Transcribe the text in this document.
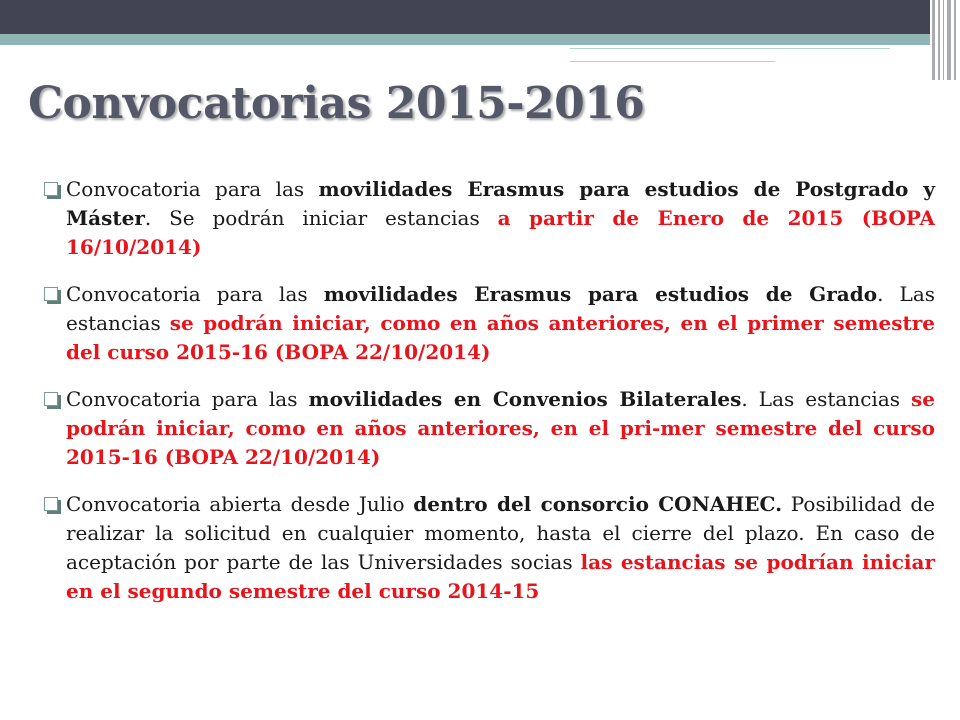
Convocatorias 2015-2016

Convocatoria para las movilidades Erasmus para estudios de Postgrado y Máster. Se podrán iniciar estancias a partir de Enero de 2015 (BOPA 16/10/2014)

Convocatoria para las movilidades Erasmus para estudios de Grado. Las estancias se podrán iniciar, como en años anteriores, en el primer semestre del curso 2015-16 (BOPA 22/10/2014)

Convocatoria para las movilidades en Convenios Bilaterales. Las estancias se podrán iniciar, como en años anteriores, en el pri-mer semestre del curso 2015-16 (BOPA 22/10/2014)

Convocatoria abierta desde Julio dentro del consorcio CONAHEC. Posibilidad de realizar la solicitud en cualquier momento, hasta el cierre del plazo. En caso de aceptación por parte de las Universidades socias las estancias se podrían iniciar en el segundo semestre del curso 2014-15
